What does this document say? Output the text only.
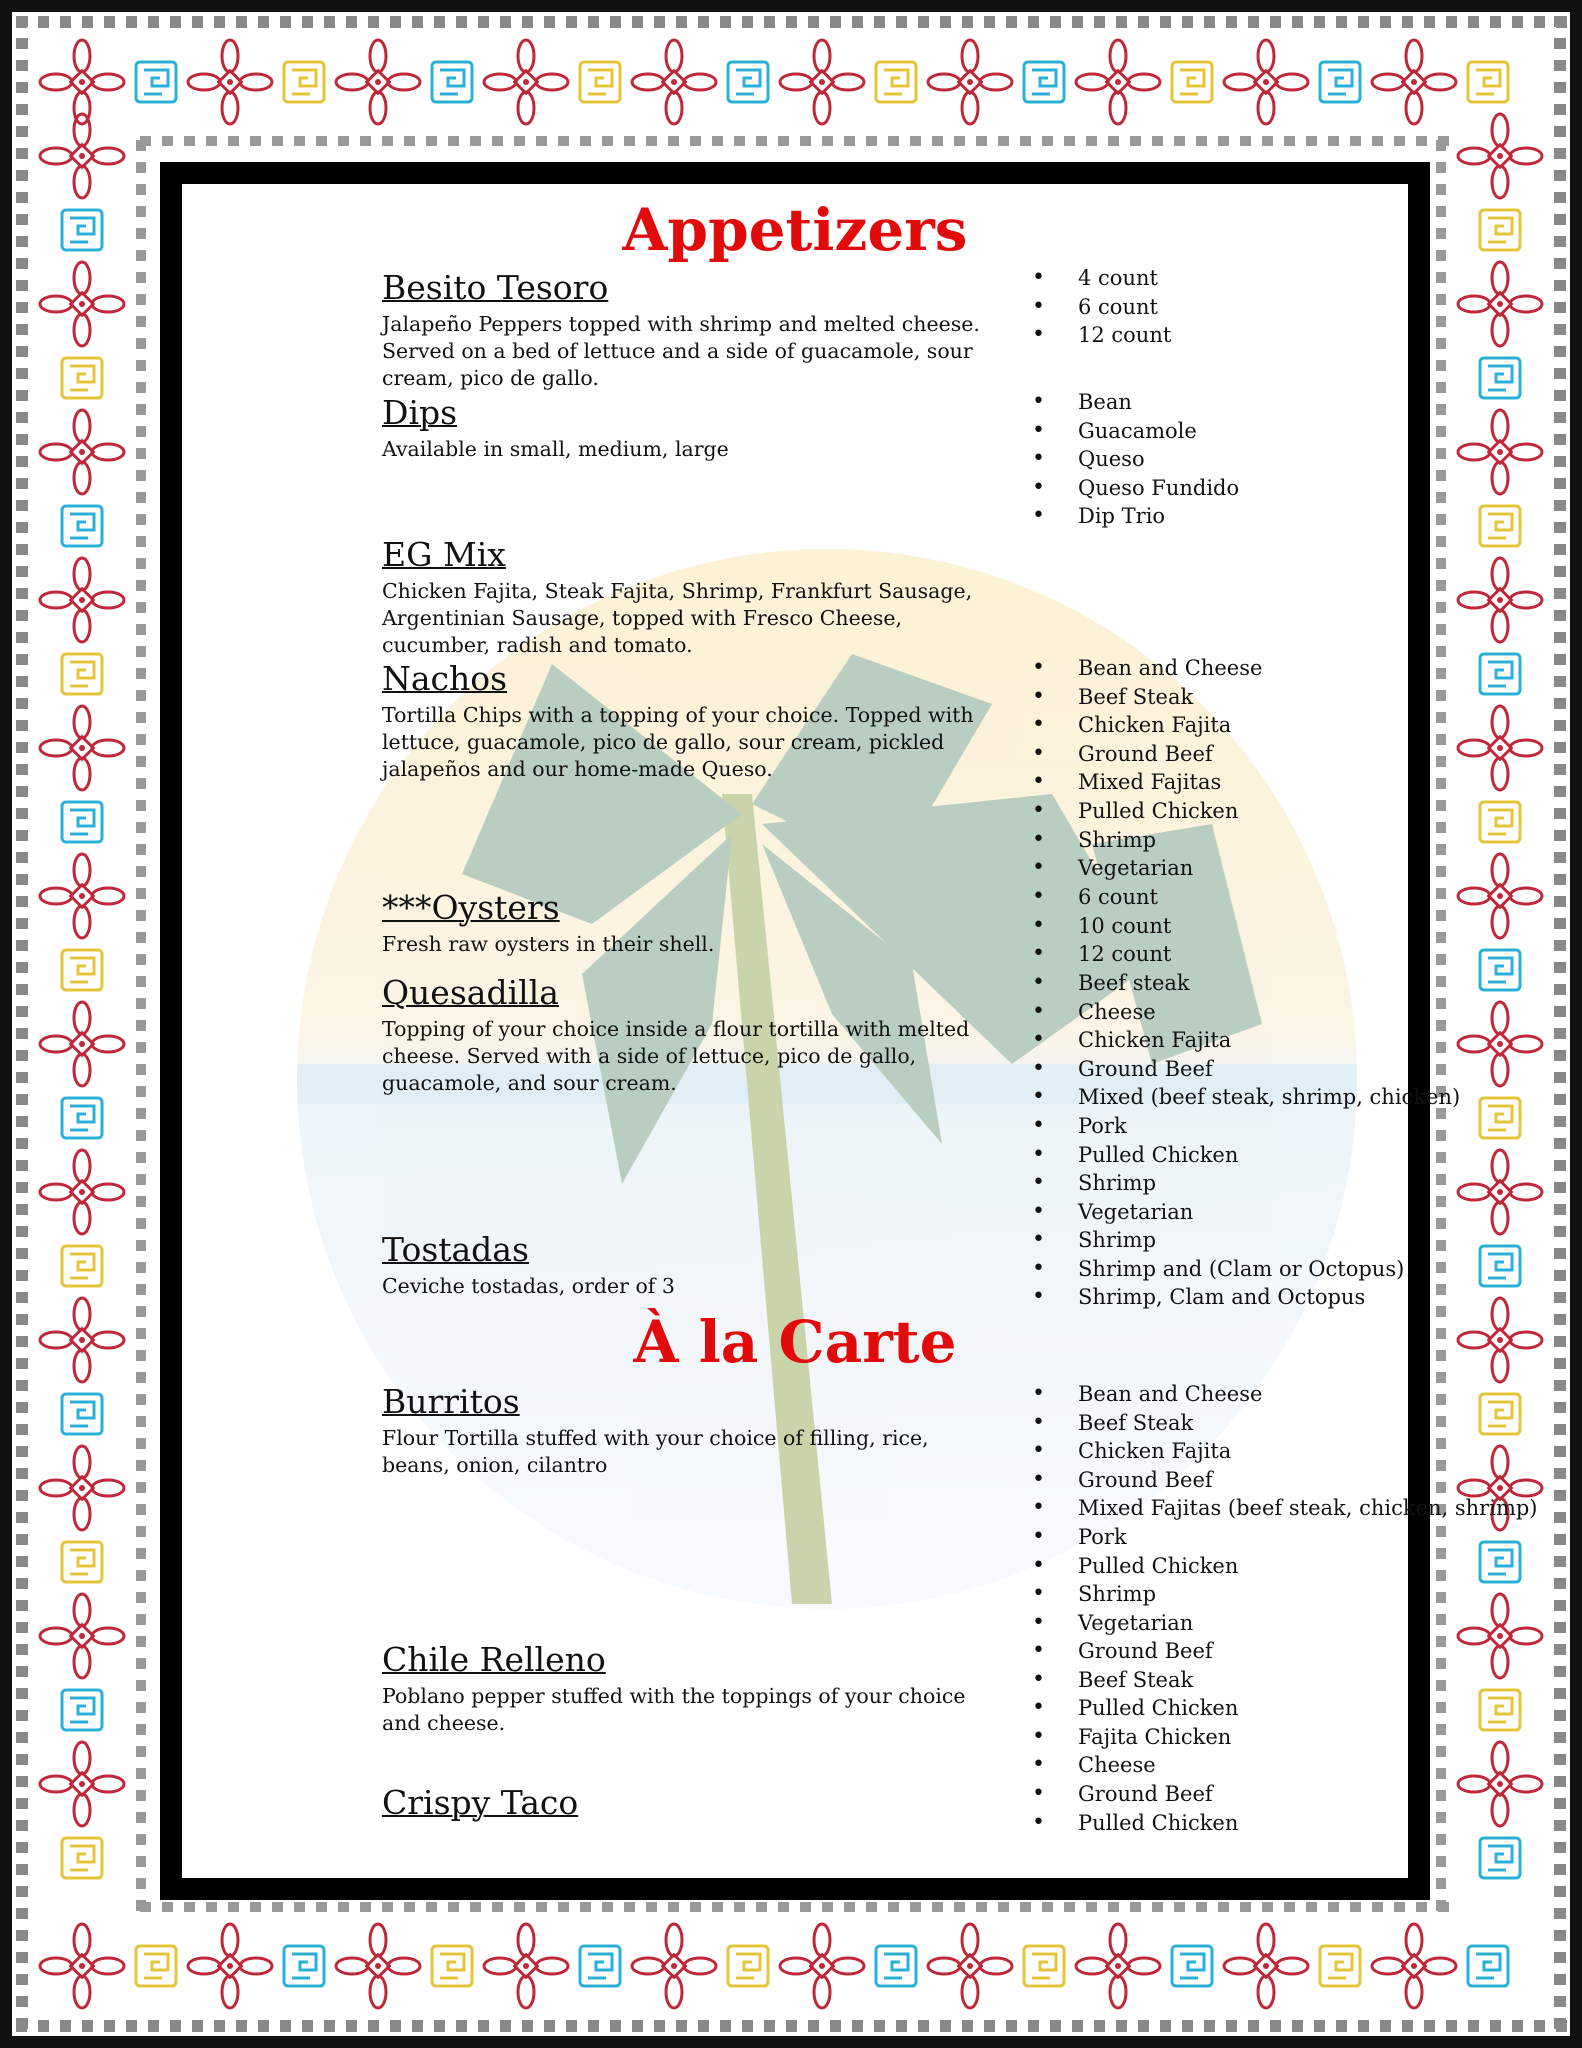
Appetizers
À la Carte
Besito Tesoro
Jalapeño Peppers topped with shrimp and melted cheese. Served on a bed of lettuce and a side of guacamole, sour cream, pico de gallo.
• 4 count
• 6 count
• 12 count
Dips
Available in small, medium, large
• Bean
• Guacamole
• Queso
• Queso Fundido
• Dip Trio
EG Mix
Chicken Fajita, Steak Fajita, Shrimp, Frankfurt Sausage, Argentinian Sausage, topped with Fresco Cheese, cucumber, radish and tomato.
Nachos
Tortilla Chips with a topping of your choice. Topped with lettuce, guacamole, pico de gallo, sour cream, pickled jalapeños and our home-made Queso.
• Bean and Cheese
• Beef Steak
• Chicken Fajita
• Ground Beef
• Mixed Fajitas
• Pulled Chicken
• Shrimp
• Vegetarian
***Oysters
Fresh raw oysters in their shell.
• 6 count
• 10 count
• 12 count
Quesadilla
Topping of your choice inside a flour tortilla with melted cheese. Served with a side of lettuce, pico de gallo, guacamole, and sour cream.
• Beef steak
• Cheese
• Chicken Fajita
• Ground Beef
• Mixed (beef steak, shrimp, chicken)
• Pork
• Pulled Chicken
• Shrimp
• Vegetarian
Tostadas
Ceviche tostadas, order of 3
• Shrimp
• Shrimp and (Clam or Octopus)
• Shrimp, Clam and Octopus
Burritos
Flour Tortilla stuffed with your choice of filling, rice, beans, onion, cilantro
• Bean and Cheese
• Beef Steak
• Chicken Fajita
• Ground Beef
• Mixed Fajitas (beef steak, chicken, shrimp)
• Pork
• Pulled Chicken
• Shrimp
• Vegetarian
Chile Relleno
Poblano pepper stuffed with the toppings of your choice and cheese.
• Ground Beef
• Beef Steak
• Pulled Chicken
• Fajita Chicken
• Cheese
Crispy Taco
•	Ground Beef
• Pulled Chicken
